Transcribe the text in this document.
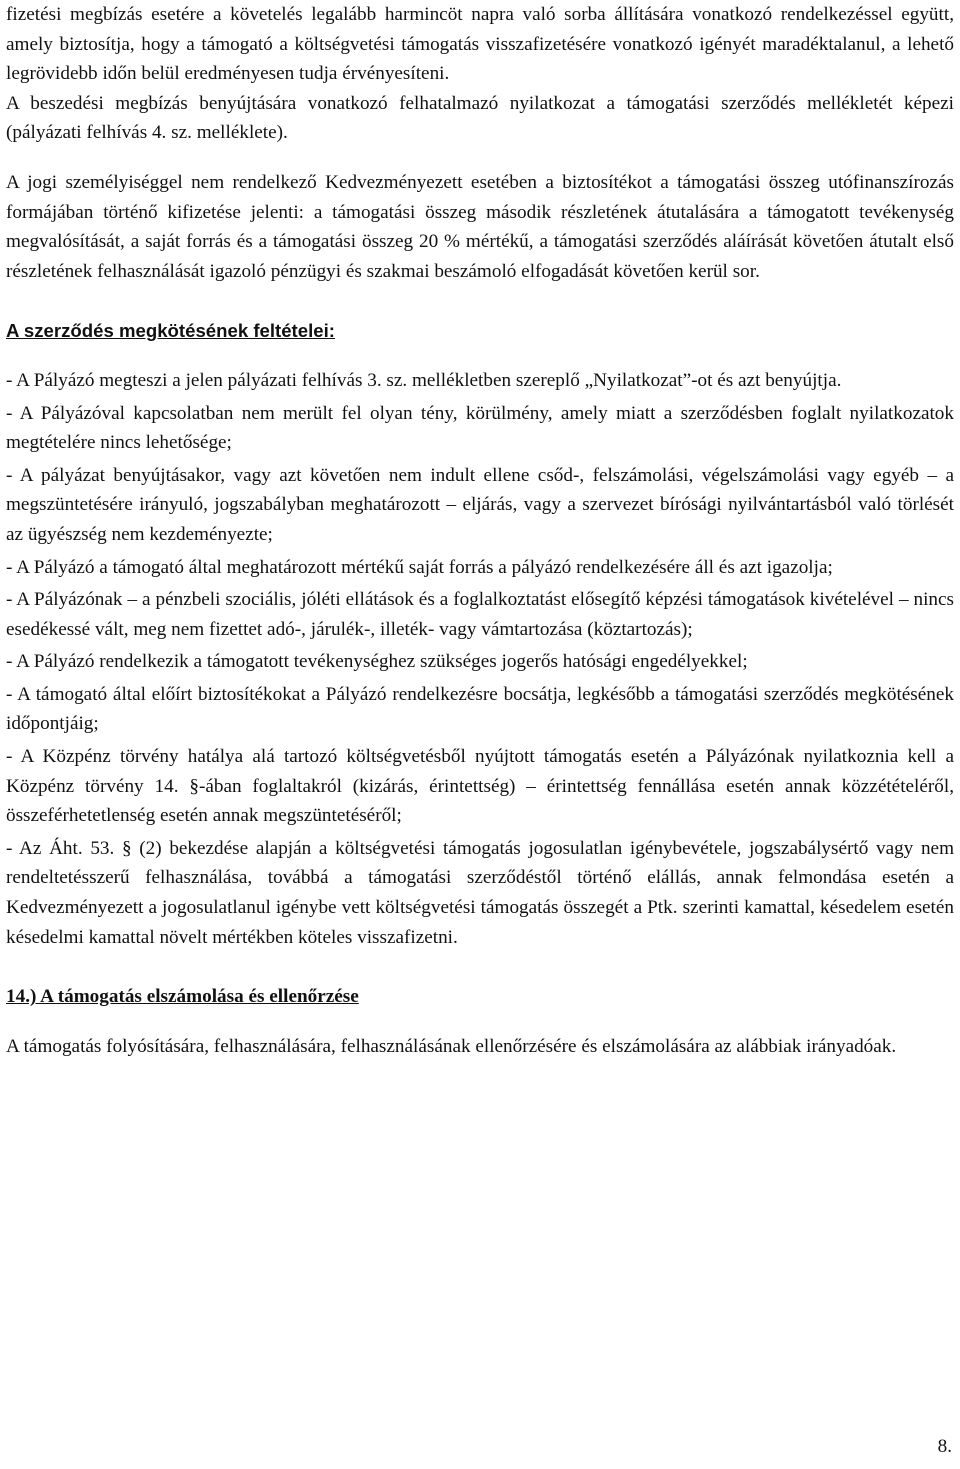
fizetési megbízás esetére a követelés legalább harmincöt napra való sorba állítására vonatkozó rendelkezéssel együtt, amely biztosítja, hogy a támogató a költségvetési támogatás visszafizetésére vonatkozó igényét maradéktalanul, a lehető legrövidebb időn belül eredményesen tudja érvényesíteni.

A beszedési megbízás benyújtására vonatkozó felhatalmazó nyilatkozat a támogatási szerződés mellékletét képezi (pályázati felhívás 4. sz. melléklete).

A jogi személyiséggel nem rendelkező Kedvezményezett esetében a biztosítékot a támogatási összeg utófinanszírozás formájában történő kifizetése jelenti: a támogatási összeg második részletének átutalására a támogatott tevékenység megvalósítását, a saját forrás és a támogatási összeg 20 % mértékű, a támogatási szerződés aláírását követően átutalt első részletének felhasználását igazoló pénzügyi és szakmai beszámoló elfogadását követően kerül sor.

A szerződés megkötésének feltételei:

- A Pályázó megteszi a jelen pályázati felhívás 3. sz. mellékletben szereplő „Nyilatkozat”-ot és azt benyújtja.
- A Pályázóval kapcsolatban nem merült fel olyan tény, körülmény, amely miatt a szerződésben foglalt nyilatkozatok megtételére nincs lehetősége;
- A pályázat benyújtásakor, vagy azt követően nem indult ellene csőd-, felszámolási, végelszámolási vagy egyéb – a megszüntetésére irányuló, jogszabályban meghatározott – eljárás, vagy a szervezet bírósági nyilvántartásból való törlését az ügyészség nem kezdeményezte;
- A Pályázó a támogató által meghatározott mértékű saját forrás a pályázó rendelkezésére áll és azt igazolja;
- A Pályázónak – a pénzbeli szociális, jóléti ellátások és a foglalkoztatást elősegítő képzési támogatások kivételével – nincs esedékessé vált, meg nem fizettet adó-, járulék-, illeték- vagy vámtartozása (köztartozás);
- A Pályázó rendelkezik a támogatott tevékenységhez szükséges jogerős hatósági engedélyekkel;
- A támogató által előírt biztosítékokat a Pályázó rendelkezésre bocsátja, legkésőbb a támogatási szerződés megkötésének időpontjáig;
- A Közpénz törvény hatálya alá tartozó költségvetésből nyújtott támogatás esetén a Pályázónak nyilatkoznia kell a Közpénz törvény 14. §-ában foglaltakról (kizárás, érintettség) – érintettség fennállása esetén annak közzétételéről, összeférhetetlenség esetén annak megszüntetéséről;
- Az Áht. 53. § (2) bekezdése alapján a költségvetési támogatás jogosulatlan igénybevétele, jogszabálysértő vagy nem rendeltetésszerű felhasználása, továbbá a támogatási szerződéstől történő elállás, annak felmondása esetén a Kedvezményezett a jogosulatlanul igénybe vett költségvetési támogatás összegét a Ptk. szerinti kamattal, késedelem esetén késedelmi kamattal növelt mértékben köteles visszafizetni.

14.) A támogatás elszámolása és ellenőrzése

A támogatás folyósítására, felhasználására, felhasználásának ellenőrzésére és elszámolására az alábbiak irányadóak.

8.
